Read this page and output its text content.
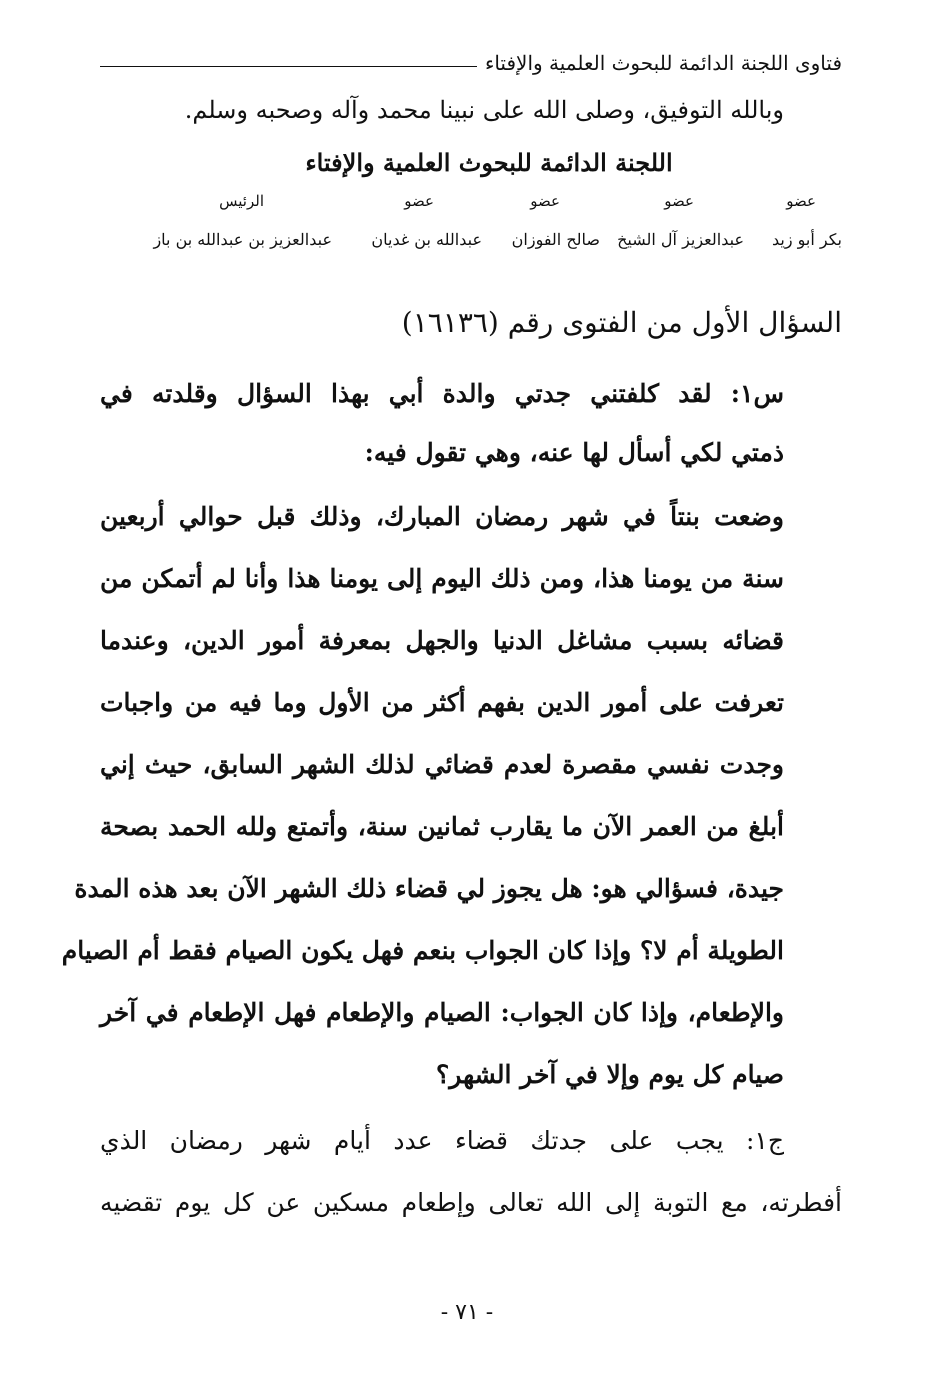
فتاوى اللجنة الدائمة للبحوث العلمية والإفتاء
وبالله التوفيق، وصلى الله على نبينا محمد وآله وصحبه وسلم.
اللجنة الدائمة للبحوث العلمية والإفتاء
عضو
عضو
عضو
عضو
الرئيس
بكر أبو زيد
عبدالعزيز آل الشيخ
صالح الفوزان
عبدالله بن غديان
عبدالعزيز بن عبدالله بن باز
السؤال الأول من الفتوى رقم (١٦١٣٦)
س١: لقد كلفتني جدتي والدة أبي بهذا السؤال وقلدته في
ذمتي لكي أسأل لها عنه، وهي تقول فيه:
وضعت بنتاً في شهر رمضان المبارك، وذلك قبل حوالي أربعين
سنة من يومنا هذا، ومن ذلك اليوم إلى يومنا هذا وأنا لم أتمكن من
قضائه بسبب مشاغل الدنيا والجهل بمعرفة أمور الدين، وعندما
تعرفت على أمور الدين بفهم أكثر من الأول وما فيه من واجبات
وجدت نفسي مقصرة لعدم قضائي لذلك الشهر السابق، حيث إني
أبلغ من العمر الآن ما يقارب ثمانين سنة، وأتمتع ولله الحمد بصحة
جيدة، فسؤالي هو: هل يجوز لي قضاء ذلك الشهر الآن بعد هذه المدة
الطويلة أم لا؟ وإذا كان الجواب بنعم فهل يكون الصيام فقط أم الصيام
والإطعام، وإذا كان الجواب: الصيام والإطعام فهل الإطعام في آخر
صيام كل يوم وإلا في آخر الشهر؟
ج١: يجب على جدتك قضاء عدد أيام شهر رمضان الذي
أفطرته، مع التوبة إلى الله تعالى وإطعام مسكين عن كل يوم تقضيه
- ٧١ -
